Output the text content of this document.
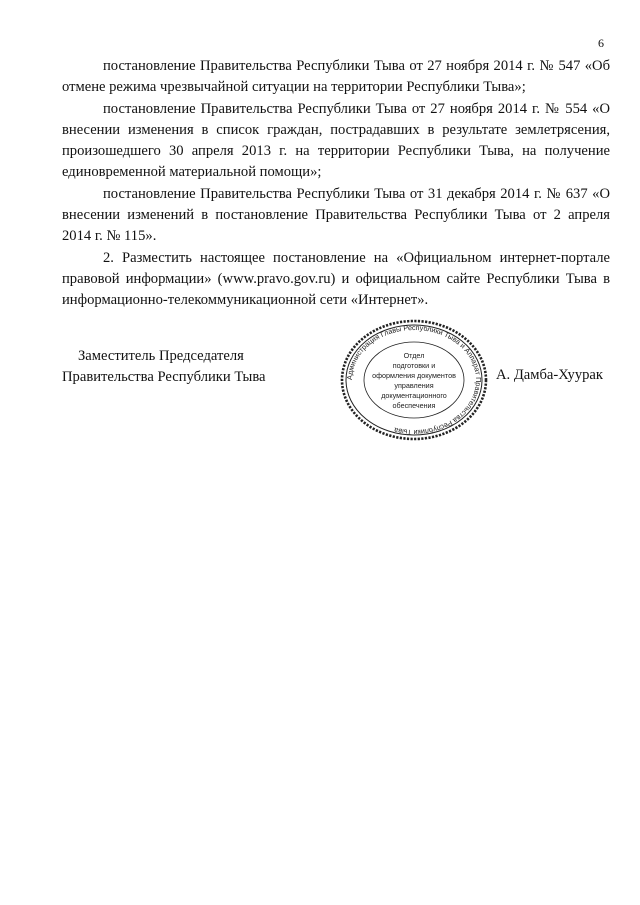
6

постановление Правительства Республики Тыва от 27 ноября 2014 г. № 547 «Об отмене режима чрезвычайной ситуации на территории Республики Тыва»;

постановление Правительства Республики Тыва от 27 ноября 2014 г. № 554 «О внесении изменения в список граждан, пострадавших в результате землетрясения, произошедшего 30 апреля 2013 г. на территории Республики Тыва, на получение единовременной материальной помощи»;

постановление Правительства Республики Тыва от 31 декабря 2014 г. № 637 «О внесении изменений в постановление Правительства Республики Тыва от 2 апреля 2014 г. № 115».

2. Разместить настоящее постановление на «Официальном интернет-портале правовой информации» (www.pravo.gov.ru) и официальном сайте Республики Тыва в информационно-телекоммуникационной сети «Интернет».

Заместитель Председателя
Правительства Республики Тыва	А. Дамба-Хуурак
Администрация Главы Республики Тыва и Аппарат Правительства Республики Тыва
Отдел
подготовки и
оформления документов
управления
документационного
обеспечения
